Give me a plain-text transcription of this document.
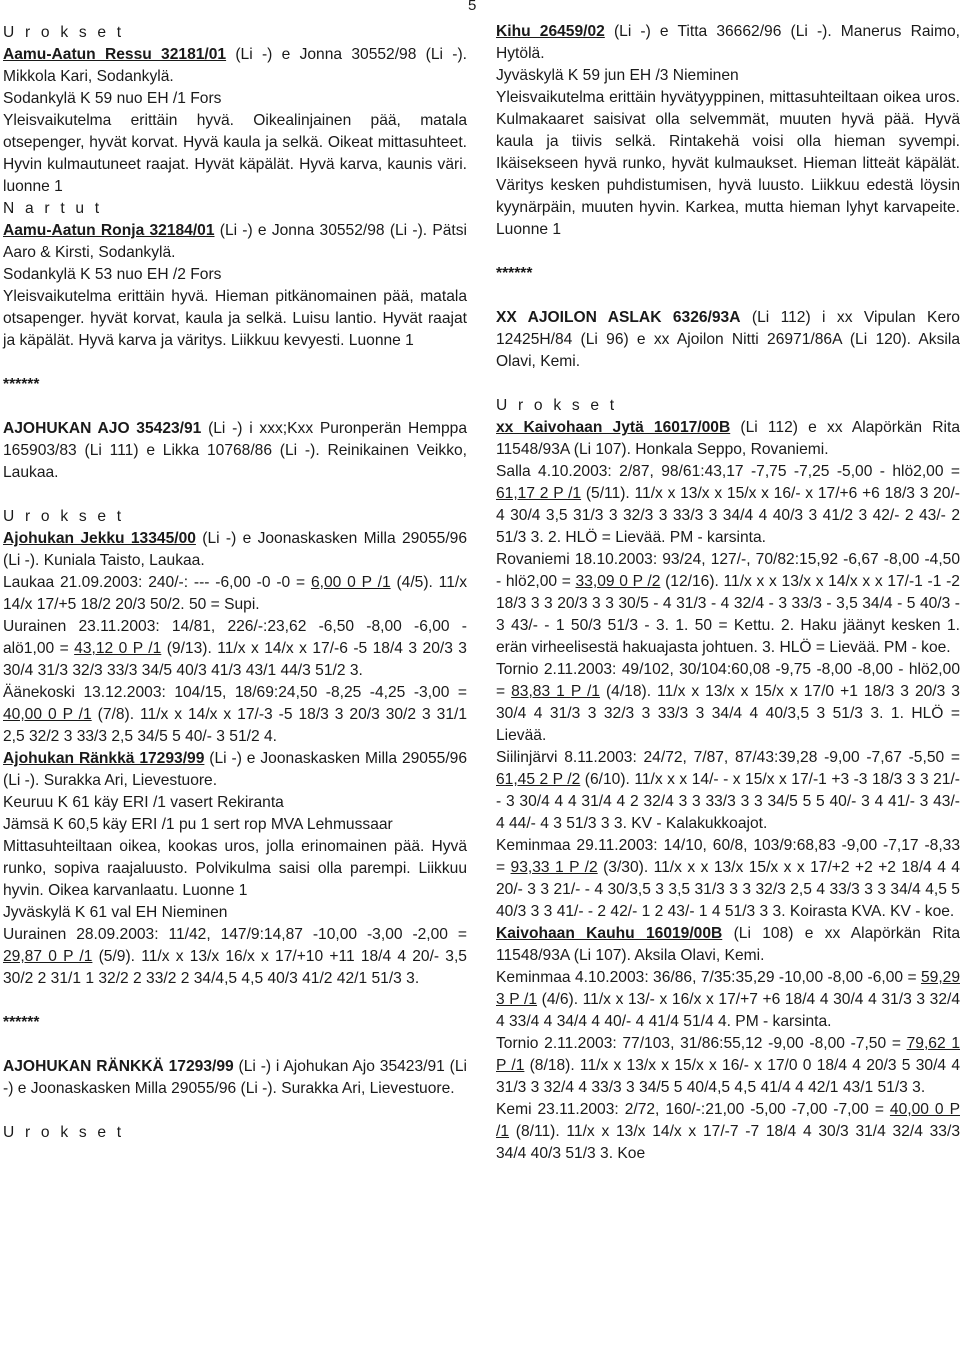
5

U r o k s e t

Aamu-Aatun Ressu 32181/01 (Li -) e Jonna 30552/98 (Li -). Mikkola Kari, Sodankylä.

Sodankylä K 59 nuo EH /1 Fors

Yleisvaikutelma erittäin hyvä. Oikealinjainen pää, matala otsepenger, hyvät korvat. Hyvä kaula ja selkä. Oikeat mittasuhteet. Hyvin kulmautuneet raajat. Hyvät käpälät. Hyvä karva, kaunis väri. luonne 1

N a r t u t

Aamu-Aatun Ronja 32184/01 (Li -) e Jonna 30552/98 (Li -). Pätsi Aaro & Kirsti, Sodankylä.

Sodankylä K 53 nuo EH /2 Fors

Yleisvaikutelma erittäin hyvä. Hieman pitkänomainen pää, matala otsapenger. hyvät korvat, kaula ja selkä. Luisu lantio. Hyvät raajat ja käpälät. Hyvä karva ja väritys. Liikkuu kevyesti. Luonne 1

******

AJOHUKAN AJO 35423/91 (Li -) i xxx;Kxx Puronperän Hemppa 165903/83 (Li 111) e Likka 10768/86 (Li -). Reinikainen Veikko, Laukaa.

U r o k s e t

Ajohukan Jekku 13345/00 (Li -) e Joonaskasken Milla 29055/96 (Li -). Kuniala Taisto, Laukaa.

Laukaa 21.09.2003: 240/-: --- -6,00 -0 -0 = 6,00 0 P /1 (4/5). 11/x 14/x 17/+5 18/2 20/3 50/2. 50 = Supi.

Uurainen 23.11.2003: 14/81, 226/-:23,62 -6,50 -8,00 -6,00 - alö1,00 = 43,12 0 P /1 (9/13). 11/x x 14/x x 17/-6 -5 18/4 3 20/3 3 30/4 31/3 32/3 33/3 34/5 40/3 41/3 43/1 44/3 51/2 3.

Äänekoski 13.12.2003: 104/15, 18/69:24,50 -8,25 -4,25 -3,00 = 40,00 0 P /1 (7/8). 11/x x 14/x x 17/-3 -5 18/3 3 20/3 30/2 3 31/1 2,5 32/2 3 33/3 2,5 34/5 5 40/- 3 51/2 4.

Ajohukan Ränkkä 17293/99 (Li -) e Joonaskasken Milla 29055/96 (Li -). Surakka Ari, Lievestuore.

Keuruu K 61 käy ERI /1 vasert Rekiranta

Jämsä K 60,5 käy ERI /1 pu 1 sert rop MVA Lehmussaar

Mittasuhteiltaan oikea, kookas uros, jolla erinomainen pää. Hyvä runko, sopiva raajaluusto. Polvikulma saisi olla parempi. Liikkuu hyvin. Oikea karvanlaatu. Luonne 1

Jyväskylä K 61 val EH Nieminen

Uurainen 28.09.2003: 11/42, 147/9:14,87 -10,00 -3,00 -2,00 = 29,87 0 P /1 (5/9). 11/x x 13/x 16/x x 17/+10 +11 18/4 4 20/- 3,5 30/2 2 31/1 1 32/2 2 33/2 2 34/4,5 4,5 40/3 41/2 42/1 51/3 3.

******

AJOHUKAN RÄNKKÄ 17293/99 (Li -) i Ajohukan Ajo 35423/91 (Li -) e Joonaskasken Milla 29055/96 (Li -). Surakka Ari, Lievestuore.

U r o k s e t

Kihu 26459/02 (Li -) e Titta 36662/96 (Li -). Manerus Raimo, Hytölä.

Jyväskylä K 59 jun EH /3 Nieminen

Yleisvaikutelma erittäin hyvätyyppinen, mittasuhteiltaan oikea uros. Kulmakaaret saisivat olla selvemmät, muuten hyvä pää. Hyvä kaula ja tiivis selkä. Rintakehä voisi olla hieman syvempi. Ikäisekseen hyvä runko, hyvät kulmaukset. Hieman litteät käpälät. Väritys kesken puhdistumisen, hyvä luusto. Liikkuu edestä löysin kyynärpäin, muuten hyvin. Karkea, mutta hieman lyhyt karvapeite. Luonne 1

******

XX AJOILON ASLAK 6326/93A (Li 112) i xx Vipulan Kero 12425H/84 (Li 96) e xx Ajoilon Nitti 26971/86A (Li 120). Aksila Olavi, Kemi.

U r o k s e t

xx Kaivohaan Jytä 16017/00B (Li 112) e xx Alapörkän Rita 11548/93A (Li 107). Honkala Seppo, Rovaniemi.

Salla 4.10.2003: 2/87, 98/61:43,17 -7,75 -7,25 -5,00 - hlö2,00 = 61,17 2 P /1 (5/11). 11/x x 13/x x 15/x x 16/- x 17/+6 +6 18/3 3 20/- 4 30/4 3,5 31/3 3 32/3 3 33/3 3 34/4 4 40/3 3 41/2 3 42/- 2 43/- 2 51/3 3. 2. HLÖ = Lievää. PM - karsinta.

Rovaniemi 18.10.2003: 93/24, 127/-, 70/82:15,92 -6,67 -8,00 -4,50 - hlö2,00 = 33,09 0 P /2 (12/16). 11/x x x 13/x x 14/x x x 17/-1 -1 -2 18/3 3 3 20/3 3 3 30/5 - 4 31/3 - 4 32/4 - 3 33/3 - 3,5 34/4 - 5 40/3 - 3 43/- - 1 50/3 51/3 - 3. 1. 50 = Kettu. 2. Haku jäänyt kesken 1. erän virheelisestä hakuajasta johtuen. 3. HLÖ = Lievää. PM - koe.

Tornio 2.11.2003: 49/102, 30/104:60,08 -9,75 -8,00 -8,00 - hlö2,00 = 83,83 1 P /1 (4/18). 11/x x 13/x x 15/x x 17/0 +1 18/3 3 20/3 3 30/4 4 31/3 3 32/3 3 33/3 3 34/4 4 40/3,5 3 51/3 3. 1. HLÖ = Lievää.

Siilinjärvi 8.11.2003: 24/72, 7/87, 87/43:39,28 -9,00 -7,67 -5,50 = 61,45 2 P /2 (6/10). 11/x x x 14/- - x 15/x x 17/-1 +3 -3 18/3 3 3 21/- - 3 30/4 4 4 31/4 4 2 32/4 3 3 33/3 3 3 34/5 5 5 40/- 3 4 41/- 3 43/- 4 44/- 4 3 51/3 3 3. KV - Kalakukkoajot.

Keminmaa 29.11.2003: 14/10, 60/8, 103/9:68,83 -9,00 -7,17 -8,33 = 93,33 1 P /2 (3/30). 11/x x x 13/x 15/x x x 17/+2 +2 +2 18/4 4 4 20/- 3 3 21/- - 4 30/3,5 3 3,5 31/3 3 3 32/3 2,5 4 33/3 3 3 34/4 4,5 5 40/3 3 3 41/- - 2 42/- 1 2 43/- 1 4 51/3 3 3. Koirasta KVA. KV - koe.

Kaivohaan Kauhu 16019/00B (Li 108) e xx Alapörkän Rita 11548/93A (Li 107). Aksila Olavi, Kemi.

Keminmaa 4.10.2003: 36/86, 7/35:35,29 -10,00 -8,00 -6,00 = 59,29 3 P /1 (4/6). 11/x x 13/- x 16/x x 17/+7 +6 18/4 4 30/4 4 31/3 3 32/4 4 33/4 4 34/4 4 40/- 4 41/4 51/4 4. PM - karsinta.

Tornio 2.11.2003: 77/103, 31/86:55,12 -9,00 -8,00 -7,50 = 79,62 1 P /1 (8/18). 11/x x 13/x x 15/x x 16/- x 17/0 0 18/4 4 20/3 5 30/4 4 31/3 3 32/4 4 33/3 3 34/5 5 40/4,5 4,5 41/4 4 42/1 43/1 51/3 3.

Kemi 23.11.2003: 2/72, 160/-:21,00 -5,00 -7,00 -7,00 = 40,00 0 P /1 (8/11). 11/x x 13/x 14/x x 17/-7 -7 18/4 4 30/3 31/4 32/4 33/3 34/4 40/3 51/3 3. Koe
